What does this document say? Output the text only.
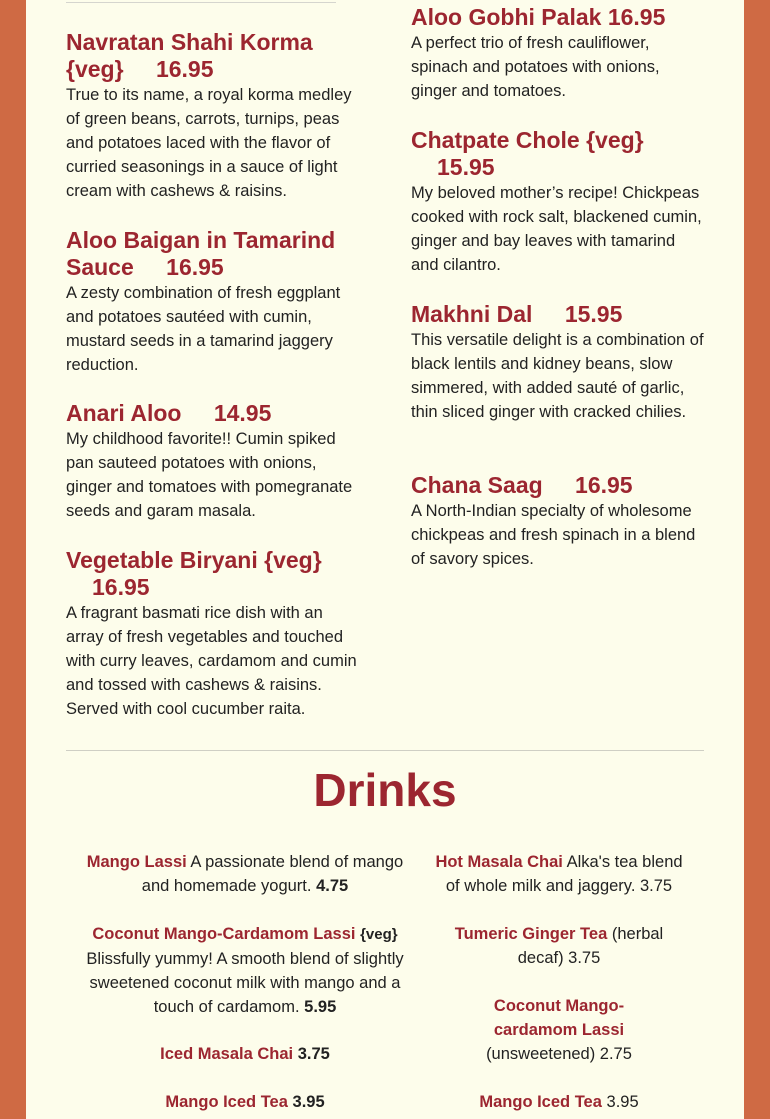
Navratan Shahi Korma {veg} 16.95
True to its name, a royal korma medley of green beans, carrots, turnips, peas and potatoes laced with the flavor of curried seasonings in a sauce of light cream with cashews & raisins.
Aloo Baigan in Tamarind Sauce 16.95
A zesty combination of fresh eggplant and potatoes sautéed with cumin, mustard seeds in a tamarind jaggery reduction.
Anari Aloo 14.95
My childhood favorite!! Cumin spiked pan sauteed potatoes with onions, ginger and tomatoes with pomegranate seeds and garam masala.
Vegetable Biryani {veg} 16.95
A fragrant basmati rice dish with an array of fresh vegetables and touched with curry leaves, cardamom and cumin and tossed with cashews & raisins. Served with cool cucumber raita.
Aloo Gobhi Palak 16.95
A perfect trio of fresh cauliflower, spinach and potatoes with onions, ginger and tomatoes.
Chatpate Chole {veg} 15.95
My beloved mother’s recipe! Chickpeas cooked with rock salt, blackened cumin, ginger and bay leaves with tamarind and cilantro.
Makhni Dal 15.95
This versatile delight is a combination of black lentils and kidney beans, slow simmered, with added sauté of garlic, thin sliced ginger with cracked chilies.
Chana Saag 16.95
A North-Indian specialty of wholesome chickpeas and fresh spinach in a blend of savory spices.
Drinks
Mango Lassi A passionate blend of mango and homemade yogurt. 4.75
Coconut Mango-Cardamom Lassi {veg} Blissfully yummy! A smooth blend of slightly sweetened coconut milk with mango and a touch of cardamom. 5.95
Iced Masala Chai 3.75
Mango Iced Tea 3.95
Hot Masala Chai Alka's tea blend of whole milk and jaggery. 3.75
Tumeric Ginger Tea (herbal decaf) 3.75
Coconut Mango-cardamom Lassi
(unsweetened) 2.75
Mango Iced Tea 3.95
